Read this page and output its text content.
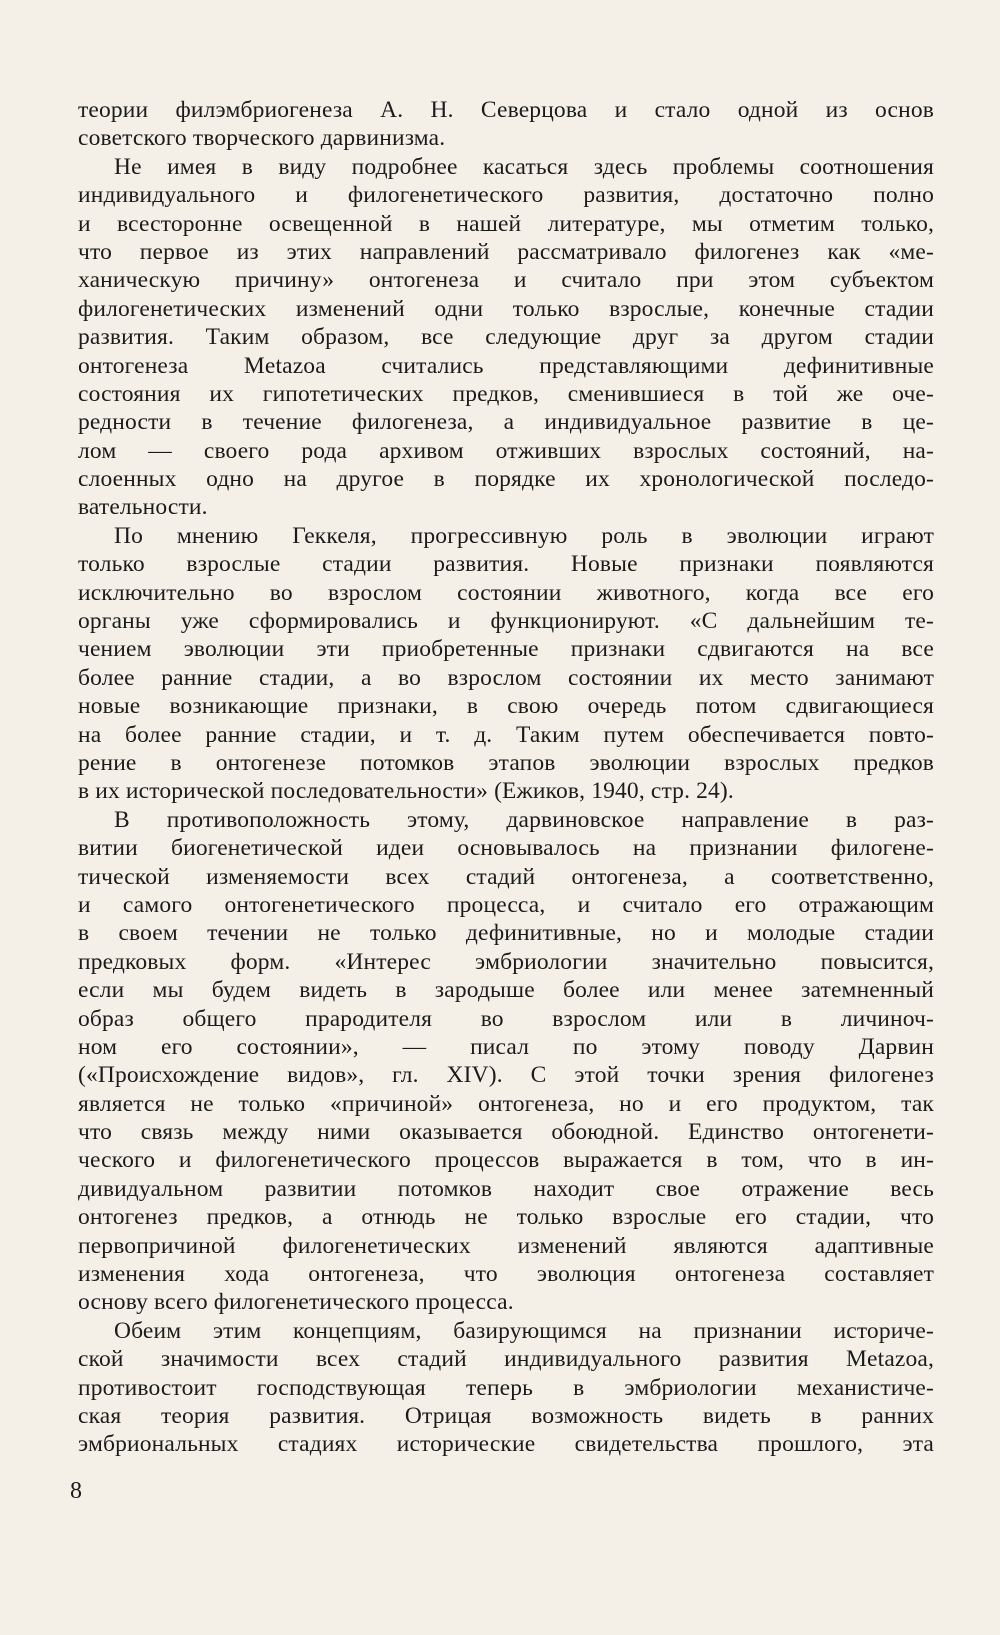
теории филэмбриогенеза А. Н. Северцова и стало одной из основ
советского творческого дарвинизма.
Не имея в виду подробнее касаться здесь проблемы соотношения
индивидуального и филогенетического развития, достаточно полно
и всесторонне освещенной в нашей литературе, мы отметим только,
что первое из этих направлений рассматривало филогенез как «ме-
ханическую причину» онтогенеза и считало при этом субъектом
филогенетических изменений одни только взрослые, конечные стадии
развития. Таким образом, все следующие друг за другом стадии
онтогенеза Metazoa считались представляющими дефинитивные
состояния их гипотетических предков, сменившиеся в той же оче-
редности в течение филогенеза, а индивидуальное развитие в це-
лом — своего рода архивом отживших взрослых состояний, на-
слоенных одно на другое в порядке их хронологической последо-
вательности.
По мнению Геккеля, прогрессивную роль в эволюции играют
только взрослые стадии развития. Новые признаки появляются
исключительно во взрослом состоянии животного, когда все его
органы уже сформировались и функционируют. «С дальнейшим те-
чением эволюции эти приобретенные признаки сдвигаются на все
более ранние стадии, а во взрослом состоянии их место занимают
новые возникающие признаки, в свою очередь потом сдвигающиеся
на более ранние стадии, и т. д. Таким путем обеспечивается повто-
рение в онтогенезе потомков этапов эволюции взрослых предков
в их исторической последовательности» (Ежиков, 1940, стр. 24).
В противоположность этому, дарвиновское направление в раз-
витии биогенетической идеи основывалось на признании филогене-
тической изменяемости всех стадий онтогенеза, а соответственно,
и самого онтогенетического процесса, и считало его отражающим
в своем течении не только дефинитивные, но и молодые стадии
предковых форм. «Интерес эмбриологии значительно повысится,
если мы будем видеть в зародыше более или менее затемненный
образ общего прародителя во взрослом или в личиноч-
ном его состоянии», — писал по этому поводу Дарвин
(«Происхождение видов», гл. XIV). С этой точки зрения филогенез
является не только «причиной» онтогенеза, но и его продуктом, так
что связь между ними оказывается обоюдной. Единство онтогенети-
ческого и филогенетического процессов выражается в том, что в ин-
дивидуальном развитии потомков находит свое отражение весь
онтогенез предков, а отнюдь не только взрослые его стадии, что
первопричиной филогенетических изменений являются адаптивные
изменения хода онтогенеза, что эволюция онтогенеза составляет
основу всего филогенетического процесса.
Обеим этим концепциям, базирующимся на признании историче-
ской значимости всех стадий индивидуального развития Metazoa,
противостоит господствующая теперь в эмбриологии механистиче-
ская теория развития. Отрицая возможность видеть в ранних
эмбриональных стадиях исторические свидетельства прошлого, эта
8
